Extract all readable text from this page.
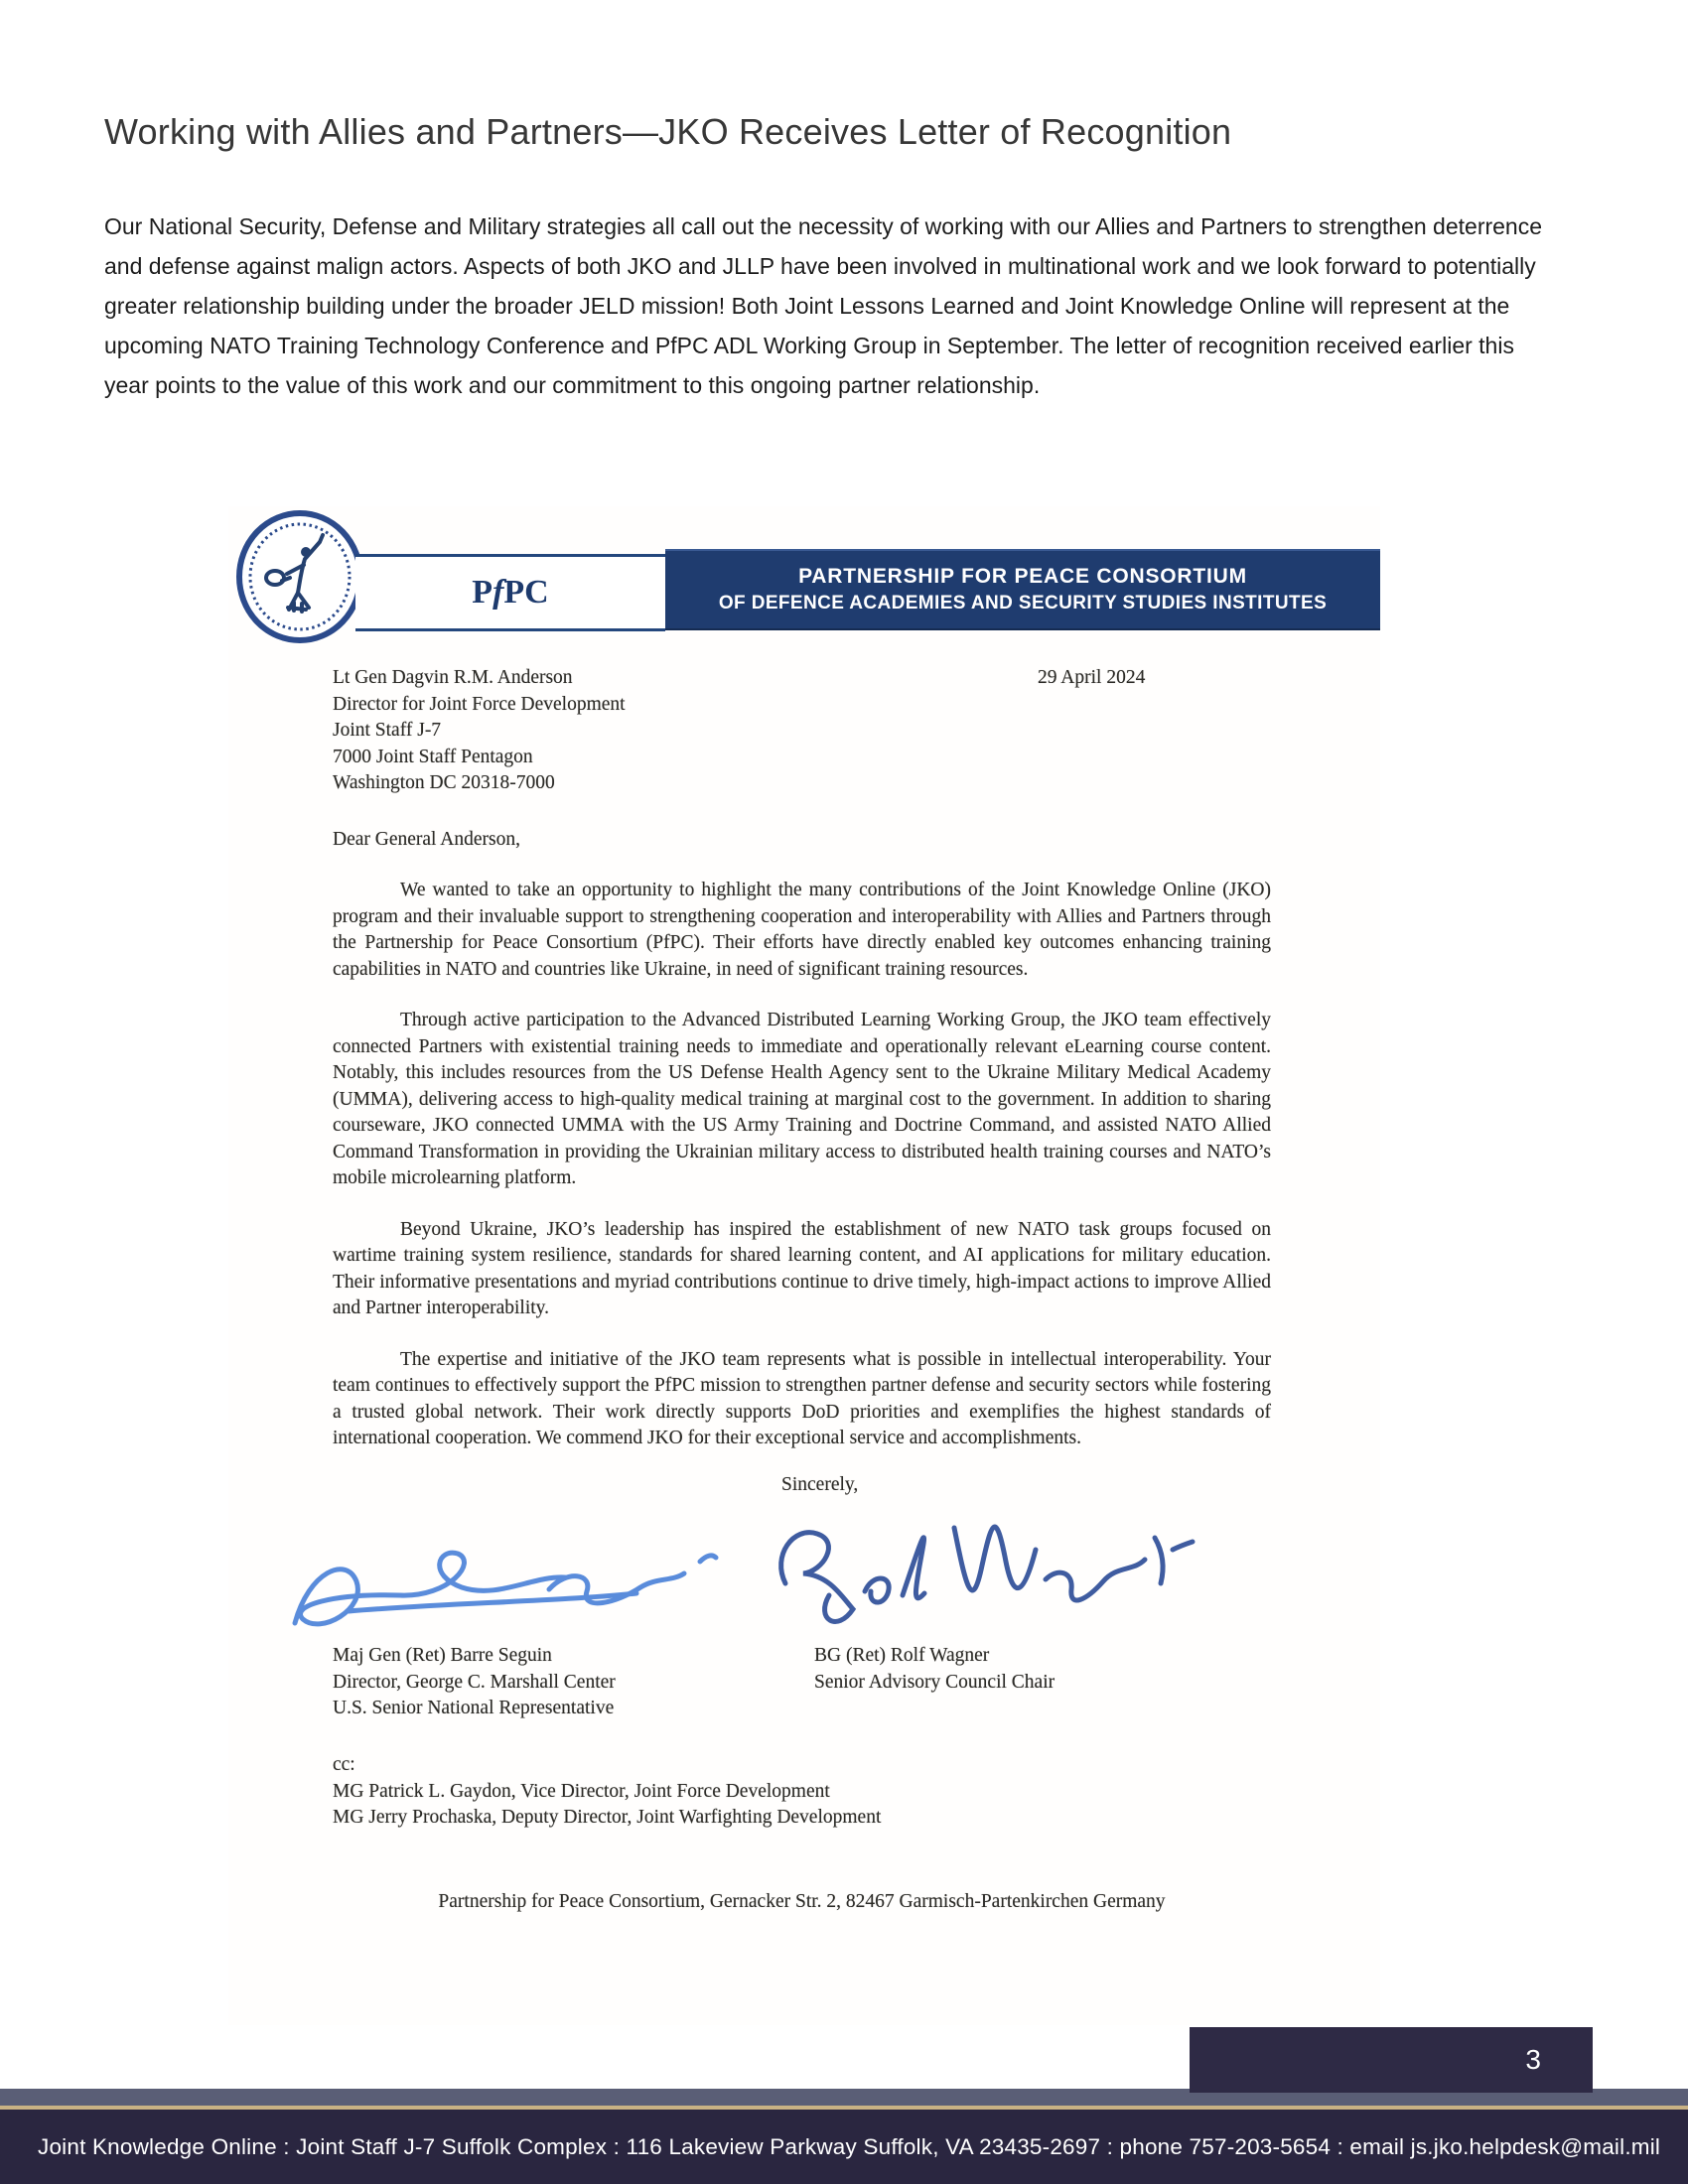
Working with Allies and Partners—JKO Receives Letter of Recognition
Our National Security, Defense and Military strategies all call out the necessity of working with our Allies and Partners to strengthen deterrence and defense against malign actors. Aspects of both JKO and JLLP have been involved in multinational work and we look forward to potentially greater relationship building under the broader JELD mission! Both Joint Lessons Learned and Joint Knowledge Online will represent at the upcoming NATO Training Technology Conference and PfPC ADL Working Group in September. The letter of recognition received earlier this year points to the value of this work and our commitment to this ongoing partner relationship.
P f PC	PARTNERSHIP FOR PEACE CONSORTIUM
OF DEFENCE ACADEMIES AND SECURITY STUDIES INSTITUTES
Lt Gen Dagvin R.M. Anderson
Director for Joint Force Development
Joint Staff J-7
7000 Joint Staff Pentagon
Washington DC 20318-7000
29 April 2024
Dear General Anderson,
We wanted to take an opportunity to highlight the many contributions of the Joint Knowledge Online (JKO) program and their invaluable support to strengthening cooperation and interoperability with Allies and Partners through the Partnership for Peace Consortium (PfPC). Their efforts have directly enabled key outcomes enhancing training capabilities in NATO and countries like Ukraine, in need of significant training resources.
Through active participation to the Advanced Distributed Learning Working Group, the JKO team effectively connected Partners with existential training needs to immediate and operationally relevant eLearning course content. Notably, this includes resources from the US Defense Health Agency sent to the Ukraine Military Medical Academy (UMMA), delivering access to high-quality medical training at marginal cost to the government. In addition to sharing courseware, JKO connected UMMA with the US Army Training and Doctrine Command, and assisted NATO Allied Command Transformation in providing the Ukrainian military access to distributed health training courses and NATO’s mobile microlearning platform.
Beyond Ukraine, JKO’s leadership has inspired the establishment of new NATO task groups focused on wartime training system resilience, standards for shared learning content, and AI applications for military education. Their informative presentations and myriad contributions continue to drive timely, high-impact actions to improve Allied and Partner interoperability.
The expertise and initiative of the JKO team represents what is possible in intellectual interoperability. Your team continues to effectively support the PfPC mission to strengthen partner defense and security sectors while fostering a trusted global network. Their work directly supports DoD priorities and exemplifies the highest standards of international cooperation. We commend JKO for their exceptional service and accomplishments.
Sincerely,
Maj Gen (Ret) Barre Seguin
Director, George C. Marshall Center
U.S. Senior National Representative
BG (Ret) Rolf Wagner
Senior Advisory Council Chair
cc:
MG Patrick L. Gaydon, Vice Director, Joint Force Development
MG Jerry Prochaska, Deputy Director, Joint Warfighting Development
Partnership for Peace Consortium, Gernacker Str. 2, 82467 Garmisch-Partenkirchen Germany
3
Joint Knowledge Online : Joint Staff J-7 Suffolk Complex : 116 Lakeview Parkway Suffolk, VA 23435-2697 : phone 757-203-5654 : email js.jko.helpdesk@mail.mil
